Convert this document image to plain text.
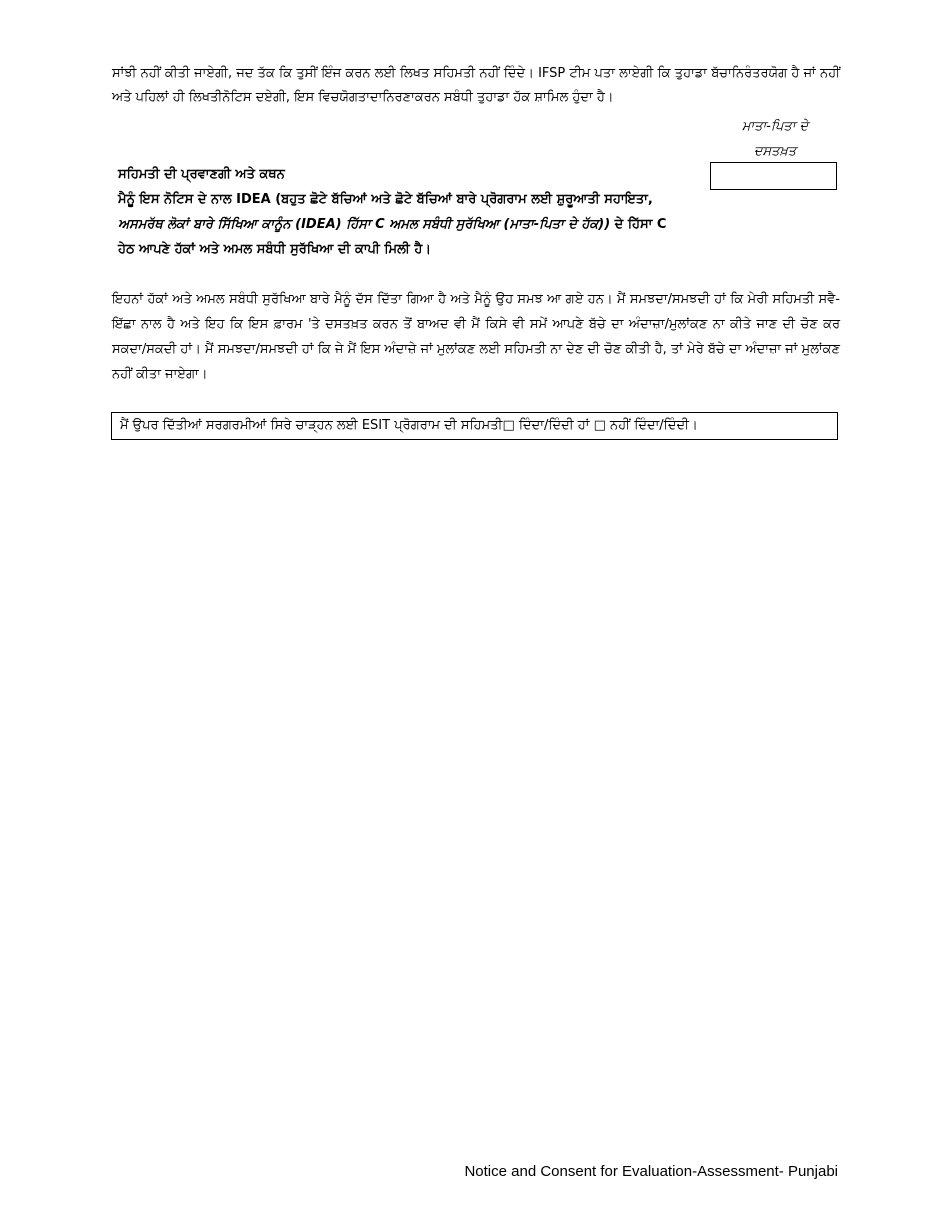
ਸਾਂਝੀ ਨਹੀਂ ਕੀਤੀ ਜਾਏਗੀ, ਜਦ ਤੱਕ ਕਿ ਤੁਸੀਂ ਇੰਜ ਕਰਨ ਲਈ ਲਿਖਤ ਸਹਿਮਤੀ ਨਹੀਂ ਦਿੰਦੇ। IFSP ਟੀਮ ਪਤਾ ਲਾਏਗੀ ਕਿ ਤੁਹਾਡਾ ਬੱਚਾਨਿਰੰਤਰਯੋਗ ਹੈ ਜਾਂ ਨਹੀਂ ਅਤੇ ਪਹਿਲਾਂ ਹੀ ਲਿਖਤੀਨੋਟਿਸ ਦਏਗੀ, ਇਸ ਵਿਚਯੋਗਤਾਦਾਨਿਰਣਾਕਰਨ ਸਬੰਧੀ ਤੁਹਾਡਾ ਹੱਕ ਸ਼ਾਮਿਲ ਹੁੰਦਾ ਹੈ।

ਮਾਤਾ-ਪਿਤਾ ਦੇ
ਦਸਤਖ਼ਤ
ਸਹਿਮਤੀ ਦੀ ਪ੍ਰਵਾਣਗੀ ਅਤੇ ਕਥਨ
ਮੈਨੂੰ ਇਸ ਨੋਟਿਸ ਦੇ ਨਾਲ IDEA (ਬਹੁਤ ਛੋਟੇ ਬੱਚਿਆਂ ਅਤੇ ਛੋਟੇ ਬੱਚਿਆਂ ਬਾਰੇ ਪ੍ਰੋਗਰਾਮ ਲਈ ਸ਼ੁਰੂਆਤੀ ਸਹਾਇਤਾ,
ਅਸਮਰੱਥ ਲੋਕਾਂ ਬਾਰੇ ਸਿੱਖਿਆ ਕਾਨੂੰਨ (IDEA) ਹਿੱਸਾ C ਅਮਲ ਸਬੰਧੀ ਸੁਰੱਖਿਆ (ਮਾਤਾ-ਪਿਤਾ ਦੇ ਹੱਕ)) ਦੇ ਹਿੱਸਾ C
ਹੇਠ ਆਪਣੇ ਹੱਕਾਂ ਅਤੇ ਅਮਲ ਸਬੰਧੀ ਸੁਰੱਖਿਆ ਦੀ ਕਾਪੀ ਮਿਲੀ ਹੈ।

ਇਹਨਾਂ ਹੱਕਾਂ ਅਤੇ ਅਮਲ ਸਬੰਧੀ ਸੁਰੱਖਿਆ ਬਾਰੇ ਮੈਨੂੰ ਦੱਸ ਦਿੱਤਾ ਗਿਆ ਹੈ ਅਤੇ ਮੈਨੂੰ ਉਹ ਸਮਝ ਆ ਗਏ ਹਨ। ਮੈਂ ਸਮਝਦਾ/ਸਮਝਦੀ ਹਾਂ ਕਿ ਮੇਰੀ ਸਹਿਮਤੀ ਸਵੈ-ਇੱਛਾ ਨਾਲ ਹੈ ਅਤੇ ਇਹ ਕਿ ਇਸ ਫ਼ਾਰਮ 'ਤੇ ਦਸਤਖ਼ਤ ਕਰਨ ਤੋਂ ਬਾਅਦ ਵੀ ਮੈਂ ਕਿਸੇ ਵੀ ਸਮੇਂ ਆਪਣੇ ਬੱਚੇ ਦਾ ਅੰਦਾਜ਼ਾ/ਮੁਲਾਂਕਣ ਨਾ ਕੀਤੇ ਜਾਣ ਦੀ ਚੋਣ ਕਰ ਸਕਦਾ/ਸਕਦੀ ਹਾਂ। ਮੈਂ ਸਮਝਦਾ/ਸਮਝਦੀ ਹਾਂ ਕਿ ਜੇ ਮੈਂ ਇਸ ਅੰਦਾਜ਼ੇ ਜਾਂ ਮੁਲਾਂਕਣ ਲਈ ਸਹਿਮਤੀ ਨਾ ਦੇਣ ਦੀ ਚੋਣ ਕੀਤੀ ਹੈ, ਤਾਂ ਮੇਰੇ ਬੱਚੇ ਦਾ ਅੰਦਾਜ਼ਾ ਜਾਂ ਮੁਲਾਂਕਣ ਨਹੀਂ ਕੀਤਾ ਜਾਏਗਾ।

ਮੈਂ ਉਪਰ ਦਿੱਤੀਆਂ ਸਰਗਰਮੀਆਂ ਸਿਰੇ ਚਾੜ੍ਹਨ ਲਈ ESIT ਪ੍ਰੋਗਰਾਮ ਦੀ ਸਹਿਮਤੀ□ ਦਿੰਦਾ/ਦਿੰਦੀ ਹਾਂ □ ਨਹੀਂ ਦਿੰਦਾ/ਦਿੰਦੀ।
Notice and Consent for Evaluation-Assessment- Punjabi
